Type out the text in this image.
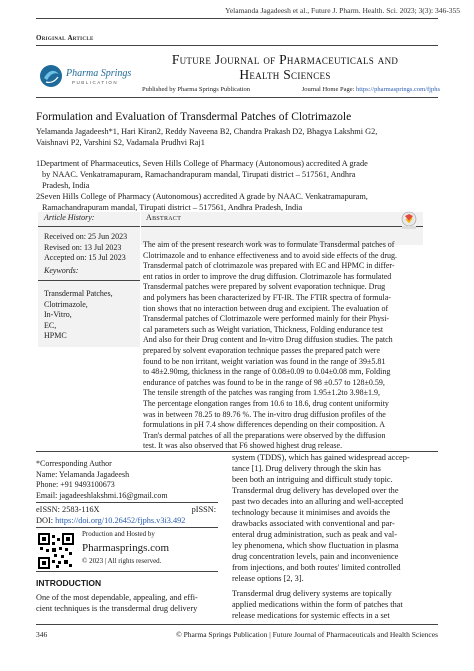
Yelamanda Jagadeesh et al., Future J. Pharm. Health. Sci. 2023; 3(3): 346-355
Original Article
Pharma Springs
PUBLICATION
Future Journal of Pharmaceuticals and
Health Sciences
Published by Pharma Springs Publication	Journal Home Page: https://pharmasprings.com/fjphs
Formulation and Evaluation of Transdermal Patches of Clotrimazole
Yelamanda Jagadeesh*1, Hari Kiran2, Reddy Naveena B2, Chandra Prakash D2, Bhagya Lakshmi G2,
Vaishnavi P2, Varshini S2, Vadamala Prudhvi Raj1
1Department of Pharmaceutics, Seven Hills College of Pharmacy (Autonomous) accredited A grade
by NAAC. Venkatramapuram, Ramachandrapuram mandal, Tirupati district – 517561, Andhra
Pradesh, India
2Seven Hills College of Pharmacy (Autonomous) accredited A grade by NAAC. Venkatramapuram,
Ramachandrapuram mandal, Tirupati district – 517561, Andhra Pradesh, India
Article History:
Received on: 25 Jun 2023
Revised on: 13 Jul 2023
Accepted on: 15 Jul 2023
Keywords:
Transdermal Patches,
Clotrimazole,
In-Vitro,
EC,
HPMC
Abstract
The aim of the present research work was to formulate Transdermal patches of
Clotrimazole and to enhance effectiveness and to avoid side effects of the drug.
Transdermal patch of clotrimazole was prepared with EC and HPMC in differ-
ent ratios in order to improve the drug diffusion. Clotrimazole has formulated
Transdermal patches were prepared by solvent evaporation technique. Drug
and polymers has been characterized by FT-IR. The FTIR spectra of formula-
tion shows that no interaction between drug and excipient. The evaluation of
Transdermal patches of Clotrimazole were performed mainly for their Physi-
cal parameters such as Weight variation, Thickness, Folding endurance test
And also for their Drug content and In-vitro Drug diffusion studies. The patch
prepared by solvent evaporation technique passes the prepared patch were
found to be non irritant, weight variation was found in the range of 39±5.81
to 48±2.90mg, thickness in the range of 0.08±0.09 to 0.04±0.08 mm, Folding
endurance of patches was found to be in the range of 98 ±0.57 to 128±0.59,
The tensile strength of the patches was ranging from 1.95±1.2to 3.98±1.9,
The percentage elongation ranges from 10.6 to 18.6, drug content uniformity
was in between 78.25 to 89.76 %. The in-vitro drug diffusion profiles of the
formulations in pH 7.4 show differences depending on their composition. A
Tran's dermal patches of all the preparations were observed by the diffusion
test. It was also observed that F6 showed highest drug release.
*Corresponding Author
Name: Yelamanda Jagadeesh
Phone: +91 9493100673
Email: jagadeeshlakshmi.16@gmail.com
eISSN: 2583-116X	pISSN:
DOI: https://doi.org/10.26452/fjphs.v3i3.492
Production and Hosted by
Pharmasprings.com
© 2023 | All rights reserved.
INTRODUCTION
One of the most dependable, appealing, and effi-
cient techniques is the transdermal drug delivery
system (TDDS), which has gained widespread accep-
tance [1]. Drug delivery through the skin has
been both an intriguing and difficult study topic.
Transdermal drug delivery has developed over the
past two decades into an alluring and well-accepted
technology because it minimises and avoids the
drawbacks associated with conventional and par-
enteral drug administration, such as peak and val-
ley phenomena, which show fluctuation in plasma
drug concentration levels, pain and inconvenience
from injections, and both routes' limited controlled
release options [2, 3].
Transdermal drug delivery systems are topically
applied medications within the form of patches that
release medications for systemic effects in a set
346	© Pharma Springs Publication | Future Journal of Pharmaceuticals and Health Sciences
